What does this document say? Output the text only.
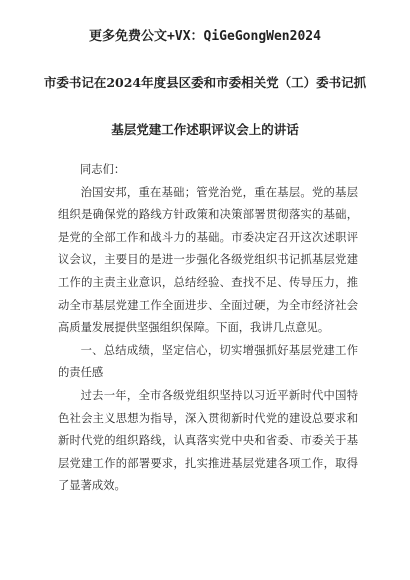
更多免费公文+VX：QiGeGongWen2024
市委书记在2024年度县区委和市委相关党（工）委书记抓
基层党建工作述职评议会上的讲话

同志们：

治国安邦，重在基础；管党治党，重在基层。党的基层组织是确保党的路线方针政策和决策部署贯彻落实的基础，是党的全部工作和战斗力的基础。市委决定召开这次述职评议会议，主要目的是进一步强化各级党组织书记抓基层党建工作的主责主业意识，总结经验、查找不足、传导压力，推动全市基层党建工作全面进步、全面过硬，为全市经济社会高质量发展提供坚强组织保障。下面，我讲几点意见。

一、总结成绩，坚定信心，切实增强抓好基层党建工作的责任感

过去一年，全市各级党组织坚持以习近平新时代中国特色社会主义思想为指导，深入贯彻新时代党的建设总要求和新时代党的组织路线，认真落实党中央和省委、市委关于基层党建工作的部署要求，扎实推进基层党建各项工作，取得了显著成效。
